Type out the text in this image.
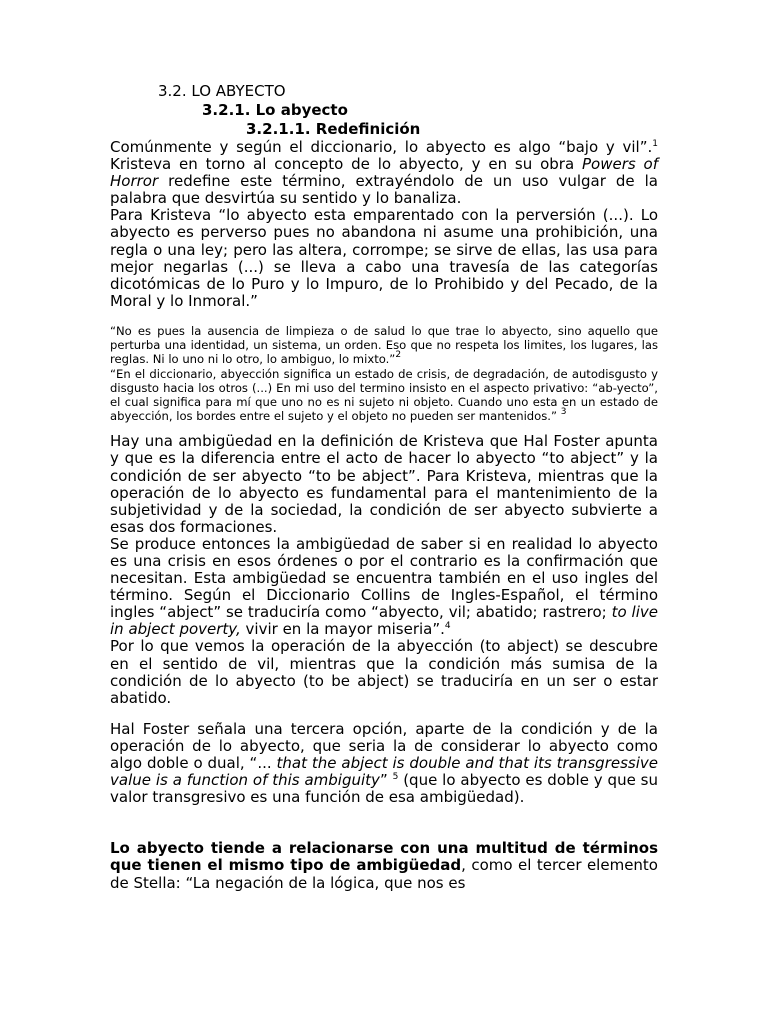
3.2. LO ABYECTO

3.2.1. Lo abyecto

3.2.1.1. Redefinición

Comúnmente y según el diccionario, lo abyecto es algo “bajo y vil”.$^1$ Kristeva en torno al concepto de lo abyecto, y en su obra Powers of Horror redefine este término, extrayéndolo de un uso vulgar de la palabra que desvirtúa su sentido y lo banaliza.

Para Kristeva “lo abyecto esta emparentado con la perversión (...). Lo abyecto es perverso pues no abandona ni asume una prohibición, una regla o una ley; pero las altera, corrompe; se sirve de ellas, las usa para mejor negarlas (...) se lleva a cabo una travesía de las categorías dicotómicas de lo Puro y lo Impuro, de lo Prohibido y del Pecado, de la Moral y lo Inmoral.”

“No es pues la ausencia de limpieza o de salud lo que trae lo abyecto, sino aquello que perturba una identidad, un sistema, un orden. Eso que no respeta los limites, los lugares, las reglas. Ni lo uno ni lo otro, lo ambiguo, lo mixto.”$^2$

“En el diccionario, abyección significa un estado de crisis, de degradación, de autodisgusto y disgusto hacia los otros (...) En mi uso del termino insisto en el aspecto privativo: “ab-yecto”, el cual significa para mí que uno no es ni sujeto ni objeto. Cuando uno esta en un estado de abyección, los bordes entre el sujeto y el objeto no pueden ser mantenidos.” $^3$

Hay una ambigüedad en la definición de Kristeva que Hal Foster apunta y que es la diferencia entre el acto de hacer lo abyecto “to abject” y la condición de ser abyecto “to be abject”. Para Kristeva, mientras que la operación de lo abyecto es fundamental para el mantenimiento de la subjetividad y de la sociedad, la condición de ser abyecto subvierte a esas dos formaciones.

Se produce entonces la ambigüedad de saber si en realidad lo abyecto es una crisis en esos órdenes o por el contrario es la confirmación que necesitan. Esta ambigüedad se encuentra también en el uso ingles del término. Según el Diccionario Collins de Ingles-Español, el término ingles “abject” se traduciría como “abyecto, vil; abatido; rastrero; to live in abject poverty, vivir en la mayor miseria”.$^4$

Por lo que vemos la operación de la abyección (to abject) se descubre en el sentido de vil, mientras que la condición más sumisa de la condición de lo abyecto (to be abject) se traduciría en un ser o estar abatido.

Hal Foster señala una tercera opción, aparte de la condición y de la operación de lo abyecto, que seria la de considerar lo abyecto como algo doble o dual, “... that the abject is double and that its transgressive value is a function of this ambiguity” $^5$ (que lo abyecto es doble y que su valor transgresivo es una función de esa ambigüedad).

Lo abyecto tiende a relacionarse con una multitud de términos que tienen el mismo tipo de ambigüedad, como el tercer elemento de Stella: “La negación de la lógica, que nos es
